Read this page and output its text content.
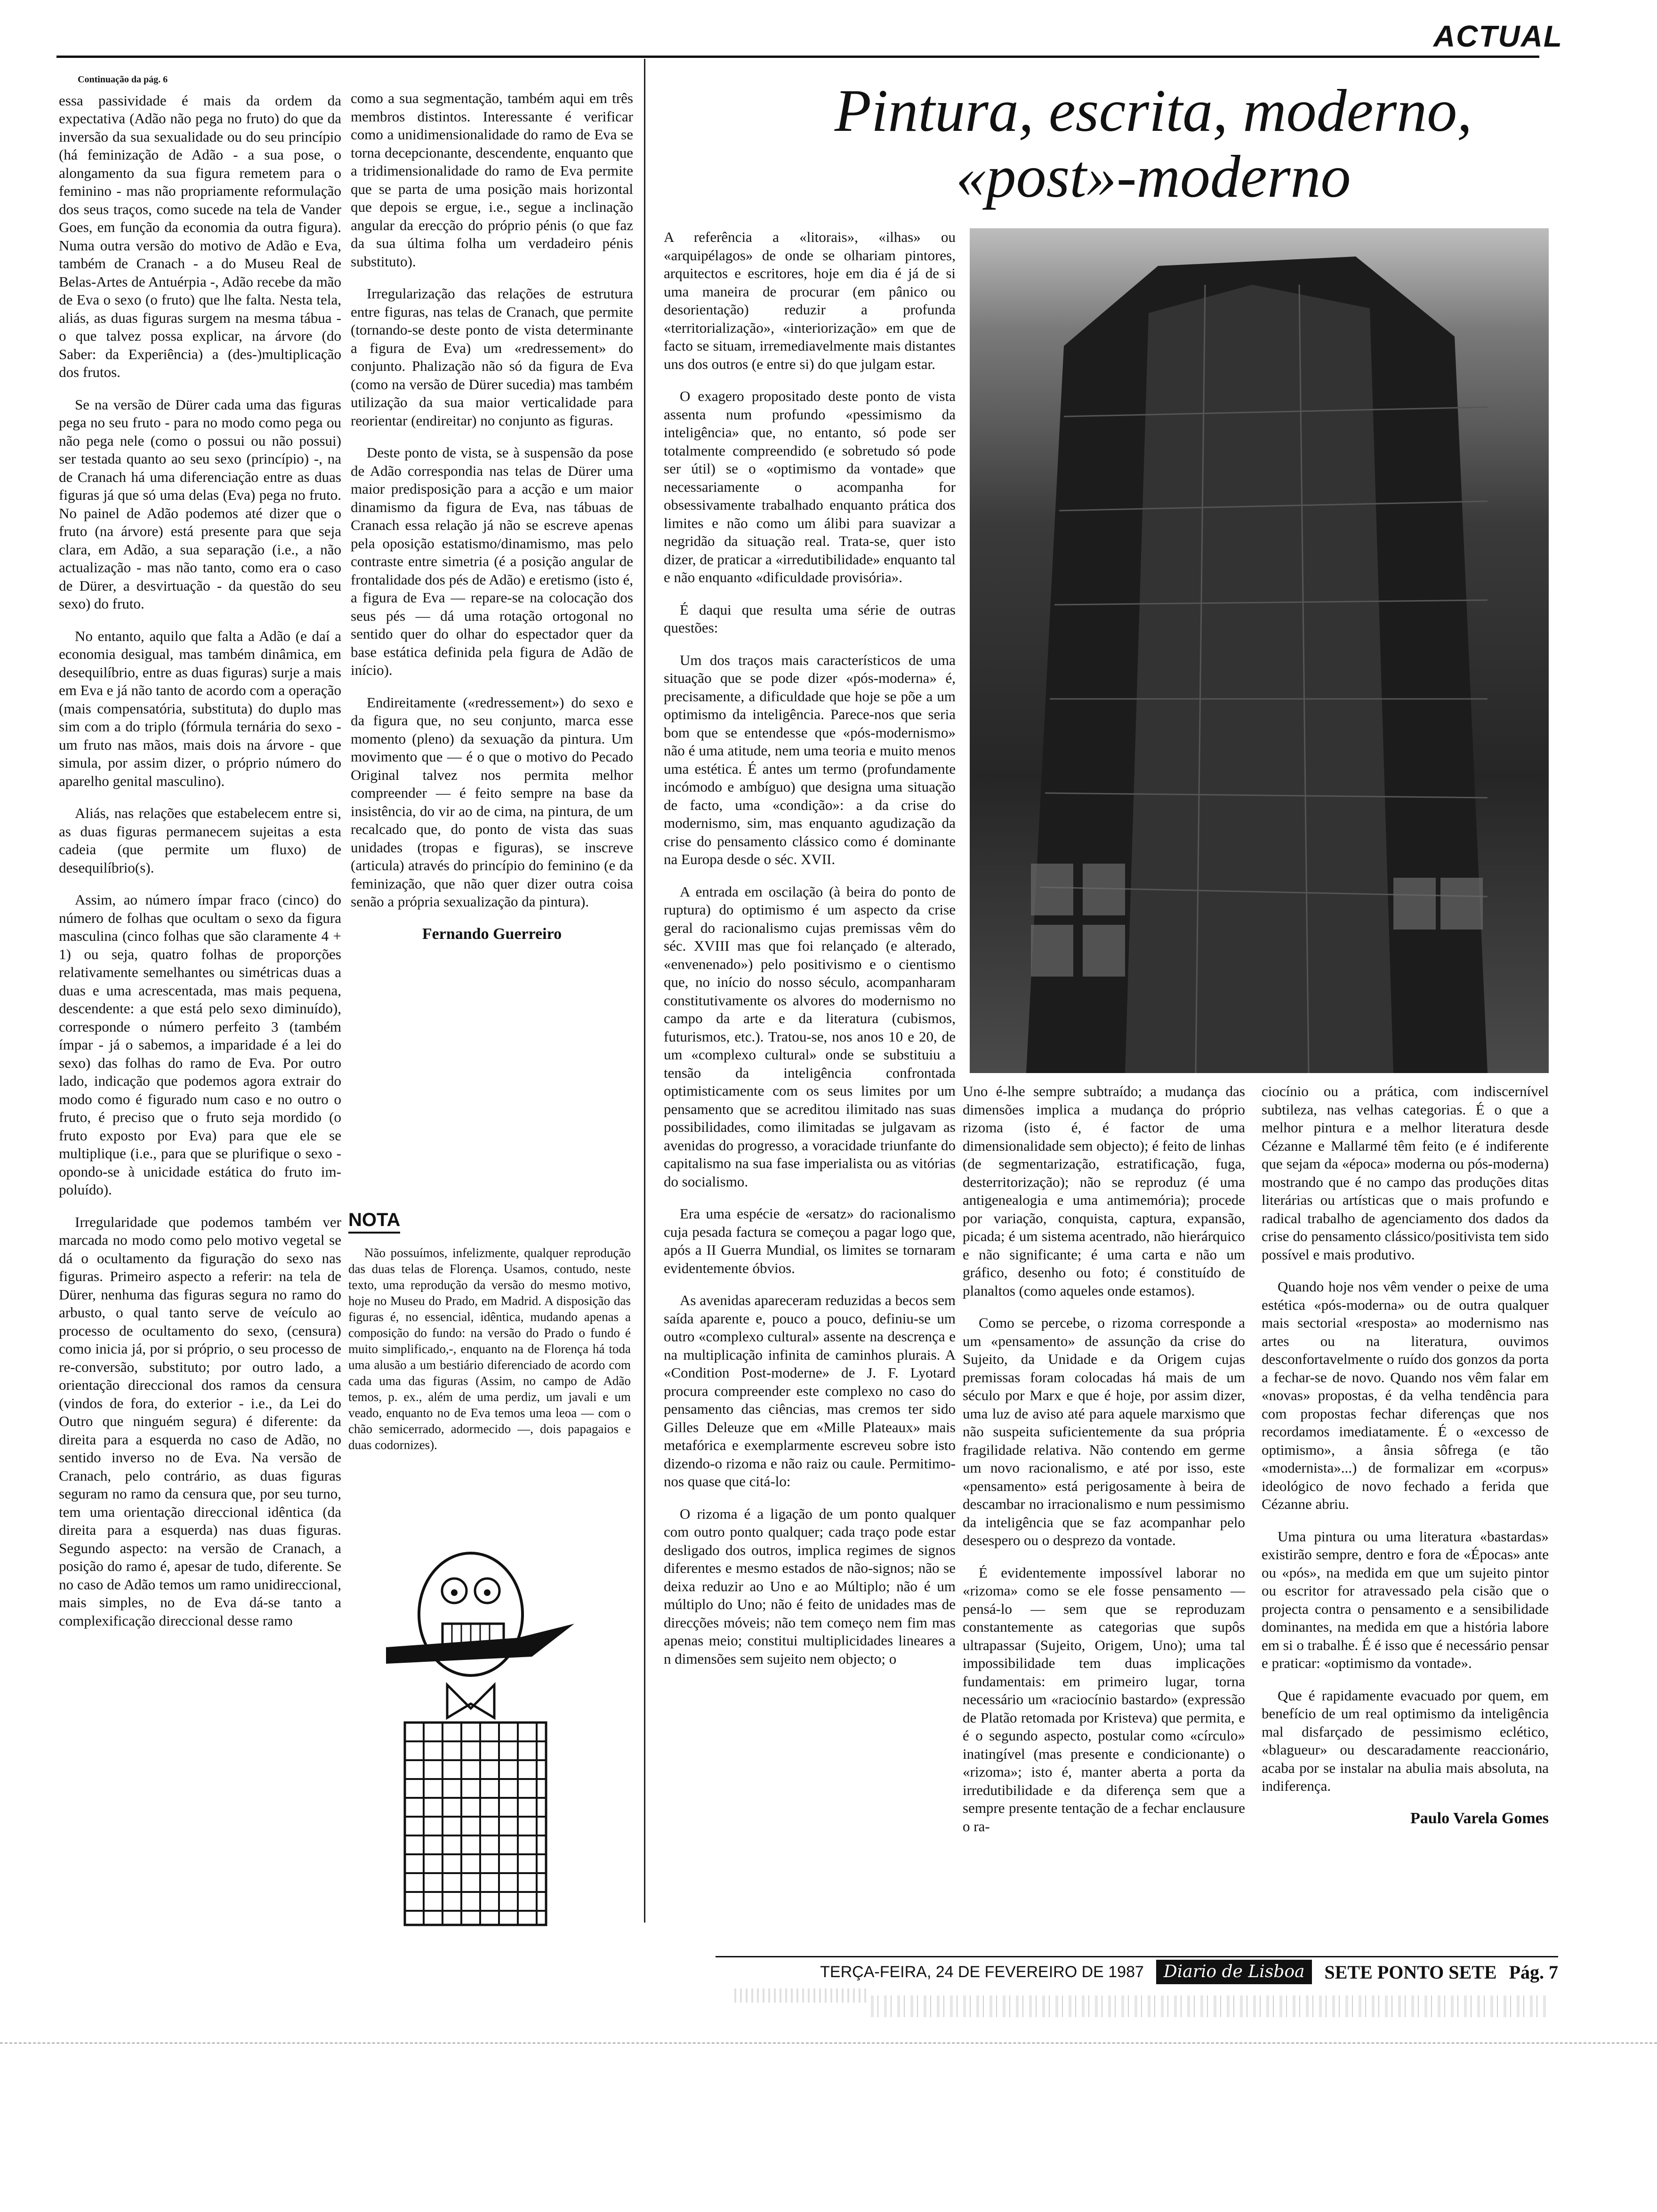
ACTUAL
Continuação da pág. 6

essa passividade é mais da ordem da expectativa (Adão não pega no fruto) do que da inversão da sua sexualidade ou do seu princípio (há feminização de Adão - a sua pose, o alongamento da sua figura remetem para o feminino - mas não propriamente reformulação dos seus traços, como sucede na tela de Vander Goes, em função da economia da outra figura). Numa outra versão do motivo de Adão e Eva, também de Cranach - a do Museu Real de Belas-Artes de Antuérpia -, Adão recebe da mão de Eva o sexo (o fruto) que lhe falta. Nesta tela, aliás, as duas figuras surgem na mesma tábua - o que talvez possa explicar, na árvore (do Saber: da Experiência) a (des-)multiplicação dos frutos.

Se na versão de Dürer cada uma das figuras pega no seu fruto - para no modo como pega ou não pega nele (como o possui ou não possui) ser testada quanto ao seu sexo (princípio) -, na de Cranach há uma diferenciação entre as duas figuras já que só uma delas (Eva) pega no fruto. No painel de Adão podemos até dizer que o fruto (na árvore) está presente para que seja clara, em Adão, a sua separação (i.e., a não actualização - mas não tanto, como era o caso de Dürer, a desvirtuação - da questão do seu sexo) do fruto.

No entanto, aquilo que falta a Adão (e daí a economia desigual, mas também dinâmica, em desequilíbrio, entre as duas figuras) surje a mais em Eva e já não tanto de acordo com a operação (mais compensatória, substituta) do duplo mas sim com a do triplo (fórmula ternária do sexo - um fruto nas mãos, mais dois na árvore - que simula, por assim dizer, o próprio número do aparelho genital masculino).

Aliás, nas relações que estabelecem entre si, as duas figuras permanecem sujeitas a esta cadeia (que permite um fluxo) de desequilíbrio(s).

Assim, ao número ímpar fraco (cinco) do número de folhas que ocultam o sexo da figura masculina (cinco folhas que são claramente 4 + 1) ou seja, quatro folhas de proporções relativamente semelhantes ou simétricas duas a duas e uma acrescentada, mas mais pequena, descendente: a que está pelo sexo diminuído), corresponde o número perfeito 3 (também ímpar - já o sabemos, a imparidade é a lei do sexo) das folhas do ramo de Eva. Por outro lado, indicação que podemos agora extrair do modo como é figurado num caso e no outro o fruto, é preciso que o fruto seja mordido (o fruto exposto por Eva) para que ele se multiplique (i.e., para que se plurifique o sexo - opondo-se à unicidade estática do fruto im-poluído).

Irregularidade que podemos também ver marcada no modo como pelo motivo vegetal se dá o ocultamento da figuração do sexo nas figuras. Primeiro aspecto a referir: na tela de Dürer, nenhuma das figuras segura no ramo do arbusto, o qual tanto serve de veículo ao processo de ocultamento do sexo, (censura) como inicia já, por si próprio, o seu processo de re-conversão, substituto; por outro lado, a orientação direccional dos ramos da censura (vindos de fora, do exterior - i.e., da Lei do Outro que ninguém segura) é diferente: da direita para a esquerda no caso de Adão, no sentido inverso no de Eva. Na versão de Cranach, pelo contrário, as duas figuras seguram no ramo da censura que, por seu turno, tem uma orientação direccional idêntica (da direita para a esquerda) nas duas figuras. Segundo aspecto: na versão de Cranach, a posição do ramo é, apesar de tudo, diferente. Se no caso de Adão temos um ramo unidireccional, mais simples, no de Eva dá-se tanto a complexificação direccional desse ramo

como a sua segmentação, também aqui em três membros distintos. Interessante é verificar como a unidimensionalidade do ramo de Eva se torna decepcionante, descendente, enquanto que a tridimensionalidade do ramo de Eva permite que se parta de uma posição mais horizontal que depois se ergue, i.e., segue a inclinação angular da erecção do próprio pénis (o que faz da sua última folha um verdadeiro pénis substituto).

Irregularização das relações de estrutura entre figuras, nas telas de Cranach, que permite (tornando-se deste ponto de vista determinante a figura de Eva) um «redressement» do conjunto. Phalização não só da figura de Eva (como na versão de Dürer sucedia) mas também utilização da sua maior verticalidade para reorientar (endireitar) no conjunto as figuras.

Deste ponto de vista, se à suspensão da pose de Adão correspondia nas telas de Dürer uma maior predisposição para a acção e um maior dinamismo da figura de Eva, nas tábuas de Cranach essa relação já não se escreve apenas pela oposição estatismo/dinamismo, mas pelo contraste entre simetria (é a posição angular de frontalidade dos pés de Adão) e eretismo (isto é, a figura de Eva — repare-se na colocação dos seus pés — dá uma rotação ortogonal no sentido quer do olhar do espectador quer da base estática definida pela figura de Adão de início).

Endireitamente («redressement») do sexo e da figura que, no seu conjunto, marca esse momento (pleno) da sexuação da pintura. Um movimento que — é o que o motivo do Pecado Original talvez nos permita melhor compreender — é feito sempre na base da insistência, do vir ao de cima, na pintura, de um recalcado que, do ponto de vista das suas unidades (tropas e figuras), se inscreve (articula) através do princípio do feminino (e da feminização, que não quer dizer outra coisa senão a própria sexualização da pintura).

Fernando Guerreiro
NOTA

Não possuímos, infelizmente, qualquer reprodução das duas telas de Florença. Usamos, contudo, neste texto, uma reprodução da versão do mesmo motivo, hoje no Museu do Prado, em Madrid. A disposição das figuras é, no essencial, idêntica, mudando apenas a composição do fundo: na versão do Prado o fundo é muito simplificado,-, enquanto na de Florença há toda uma alusão a um bestiário diferenciado de acordo com cada uma das figuras (Assim, no campo de Adão temos, p. ex., além de uma perdiz, um javali e um veado, enquanto no de Eva temos uma leoa — com o chão semicerrado, adormecido —, dois papagaios e duas codornizes).

Pintura, escrita, moderno, «post»-moderno

A referência a «litorais», «ilhas» ou «arquipélagos» de onde se olhariam pintores, arquitectos e escritores, hoje em dia é já de si uma maneira de procurar (em pânico ou desorientação) reduzir a profunda «territorialização», «interiorização» em que de facto se situam, irremediavelmente mais distantes uns dos outros (e entre si) do que julgam estar.

O exagero propositado deste ponto de vista assenta num profundo «pessimismo da inteligência» que, no entanto, só pode ser totalmente compreendido (e sobretudo só pode ser útil) se o «optimismo da vontade» que necessariamente o acompanha for obsessivamente trabalhado enquanto prática dos limites e não como um álibi para suavizar a negridão da situação real. Trata-se, quer isto dizer, de praticar a «irredutibilidade» enquanto tal e não enquanto «dificuldade provisória».

É daqui que resulta uma série de outras questões:

Um dos traços mais característicos de uma situação que se pode dizer «pós-moderna» é, precisamente, a dificuldade que hoje se põe a um optimismo da inteligência. Parece-nos que seria bom que se entendesse que «pós-modernismo» não é uma atitude, nem uma teoria e muito menos uma estética. É antes um termo (profundamente incómodo e ambíguo) que designa uma situação de facto, uma «condição»: a da crise do modernismo, sim, mas enquanto agudização da crise do pensamento clássico como é dominante na Europa desde o séc. XVII.

A entrada em oscilação (à beira do ponto de ruptura) do optimismo é um aspecto da crise geral do racionalismo cujas premissas vêm do séc. XVIII mas que foi relançado (e alterado, «envenenado») pelo positivismo e o cientismo que, no início do nosso século, acompanharam constitutivamente os alvores do modernismo no campo da arte e da literatura (cubismos, futurismos, etc.). Tratou-se, nos anos 10 e 20, de um «complexo cultural» onde se substituiu a tensão da inteligência confrontada optimisticamente com os seus limites por um pensamento que se acreditou ilimitado nas suas possibilidades, como ilimitadas se julgavam as avenidas do progresso, a voracidade triunfante do capitalismo na sua fase imperialista ou as vitórias do socialismo.

Era uma espécie de «ersatz» do racionalismo cuja pesada factura se começou a pagar logo que, após a II Guerra Mundial, os limites se tornaram evidentemente óbvios.

As avenidas apareceram reduzidas a becos sem saída aparente e, pouco a pouco, definiu-se um outro «complexo cultural» assente na descrença e na multiplicação infinita de caminhos plurais. A «Condition Post-moderne» de J. F. Lyotard procura compreender este complexo no caso do pensamento das ciências, mas cremos ter sido Gilles Deleuze que em «Mille Plateaux» mais metafórica e exemplarmente escreveu sobre isto dizendo-o rizoma e não raiz ou caule. Permitimo-nos quase que citá-lo:

O rizoma é a ligação de um ponto qualquer com outro ponto qualquer; cada traço pode estar desligado dos outros, implica regimes de signos diferentes e mesmo estados de não-signos; não se deixa reduzir ao Uno e ao Múltiplo; não é um múltiplo do Uno; não é feito de unidades mas de direcções móveis; não tem começo nem fim mas apenas meio; constitui multiplicidades lineares a n dimensões sem sujeito nem objecto; o

Uno é-lhe sempre subtraído; a mudança das dimensões implica a mudança do próprio rizoma (isto é, é factor de uma dimensionalidade sem objecto); é feito de linhas (de segmentarização, estratificação, fuga, desterritorização); não se reproduz (é uma antigenealogia e uma antimemória); procede por variação, conquista, captura, expansão, picada; é um sistema acentrado, não hierárquico e não significante; é uma carta e não um gráfico, desenho ou foto; é constituído de planaltos (como aqueles onde estamos).

Como se percebe, o rizoma corresponde a um «pensamento» de assunção da crise do Sujeito, da Unidade e da Origem cujas premissas foram colocadas há mais de um século por Marx e que é hoje, por assim dizer, uma luz de aviso até para aquele marxismo que não suspeita suficientemente da sua própria fragilidade relativa. Não contendo em germe um novo racionalismo, e até por isso, este «pensamento» está perigosamente à beira de descambar no irracionalismo e num pessimismo da inteligência que se faz acompanhar pelo desespero ou o desprezo da vontade.

É evidentemente impossível laborar no «rizoma» como se ele fosse pensamento — pensá-lo — sem que se reproduzam constantemente as categorias que supôs ultrapassar (Sujeito, Origem, Uno); uma tal impossibilidade tem duas implicações fundamentais: em primeiro lugar, torna necessário um «raciocínio bastardo» (expressão de Platão retomada por Kristeva) que permita, e é o segundo aspecto, postular como «círculo» inatingível (mas presente e condicionante) o «rizoma»; isto é, manter aberta a porta da irredutibilidade e da diferença sem que a sempre presente tentação de a fechar enclausure o ra-

ciocínio ou a prática, com indiscernível subtileza, nas velhas categorias. É o que a melhor pintura e a melhor literatura desde Cézanne e Mallarmé têm feito (e é indiferente que sejam da «época» moderna ou pós-moderna) mostrando que é no campo das produções ditas literárias ou artísticas que o mais profundo e radical trabalho de agenciamento dos dados da crise do pensamento clássico/positivista tem sido possível e mais produtivo.

Quando hoje nos vêm vender o peixe de uma estética «pós-moderna» ou de outra qualquer mais sectorial «resposta» ao modernismo nas artes ou na literatura, ouvimos desconfortavelmente o ruído dos gonzos da porta a fechar-se de novo. Quando nos vêm falar em «novas» propostas, é da velha tendência para com propostas fechar diferenças que nos recordamos imediatamente. É o «excesso de optimismo», a ânsia sôfrega (e tão «modernista»...) de formalizar em «corpus» ideológico de novo fechado a ferida que Cézanne abriu.

Uma pintura ou uma literatura «bastardas» existirão sempre, dentro e fora de «Épocas» ante ou «pós», na medida em que um sujeito pintor ou escritor for atravessado pela cisão que o projecta contra o pensamento e a sensibilidade dominantes, na medida em que a história labore em si o trabalhe. É é isso que é necessário pensar e praticar: «optimismo da vontade».

Que é rapidamente evacuado por quem, em benefício de um real optimismo da inteligência mal disfarçado de pessimismo eclético, «blagueur» ou descaradamente reaccionário, acaba por se instalar na abulia mais absoluta, na indiferença.

Paulo Varela Gomes
TERÇA-FEIRA, 24 DE FEVEREIRO DE 1987	Diario de Lisboa	SETE PONTO SETE Pág. 7
